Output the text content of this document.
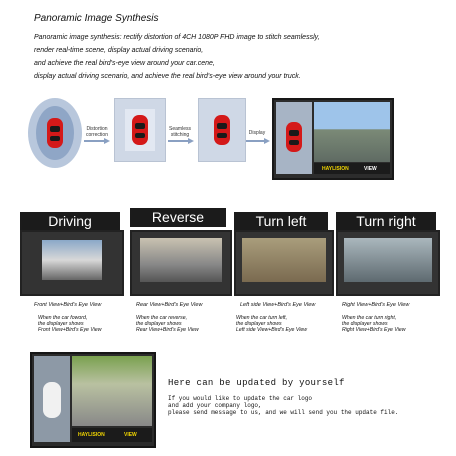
Panoramic Image Synthesis
Panoramic image synthesis: rectify distortion of 4CH 1080P FHD image to stitch seamlessly,
render real-time scene, display actual driving scenario,
and achieve the real bird's-eye view around your car.cene,
display actual driving scenario, and achieve the real bird's-eye view around your truck.
Distortion correction
Seamless stitching	Display
HAYLISION	VIEW
Driving	Reverse	Turn left	Turn right
Front View+Bird's Eye View	Rear View+Bird's Eye View	Left side View+Bird's Eye View	Right View+Bird's Eye View
When the car foword,
the displayer shows
Front View+Bird's Eye View
When the car reverse,
the displayer shows
Rear View+Bird's Eye View
When the car turn left,
the displayer shows
Left side View+Bird's Eye View
When the car turn right,
the displayer shows
Right View+Bird's Eye View
HAYLISION	VIEW
Here can be updated by yourself
If you would like to update the car logo
and add your company logo,
please send message to us, and we will send you the update file.
